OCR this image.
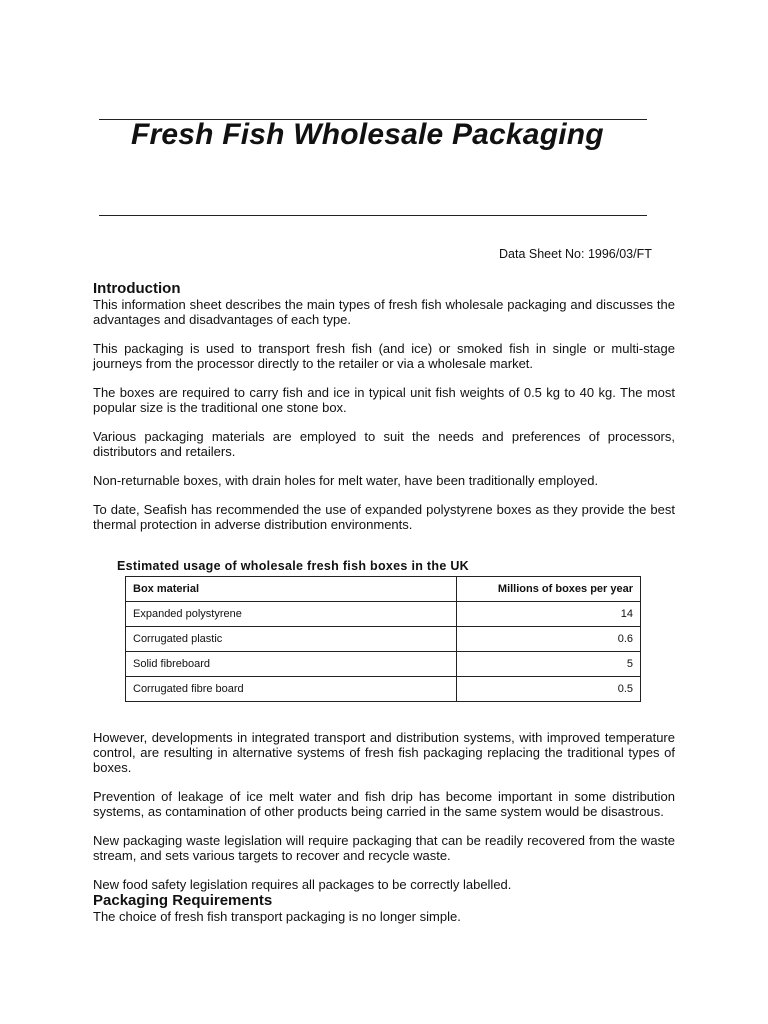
Fresh Fish Wholesale Packaging
Data Sheet No: 1996/03/FT
Introduction

This information sheet describes the main types of fresh fish wholesale packaging and discusses the advantages and disadvantages of each type.

This packaging is used to transport fresh fish (and ice) or smoked fish in single or multi-stage journeys from the processor directly to the retailer or via a wholesale market.

The boxes are required to carry fish and ice in typical unit fish weights of 0.5 kg to 40 kg. The most popular size is the traditional one stone box.

Various packaging materials are employed to suit the needs and preferences of processors, distributors and retailers.

Non-returnable boxes, with drain holes for melt water, have been traditionally employed.

To date, Seafish has recommended the use of expanded polystyrene boxes as they provide the best thermal protection in adverse distribution environments.

Estimated usage of wholesale fresh fish boxes in the UK

Box material	Millions of boxes per year
Expanded polystyrene	14
Corrugated plastic	0.6
Solid fibreboard	5
Corrugated fibre board	0.5

However, developments in integrated transport and distribution systems, with improved temperature control, are resulting in alternative systems of fresh fish packaging replacing the traditional types of boxes.

Prevention of leakage of ice melt water and fish drip has become important in some distribution systems, as contamination of other products being carried in the same system would be disastrous.

New packaging waste legislation will require packaging that can be readily recovered from the waste stream, and sets various targets to recover and recycle waste.

New food safety legislation requires all packages to be correctly labelled.

Packaging Requirements

The choice of fresh fish transport packaging is no longer simple.
